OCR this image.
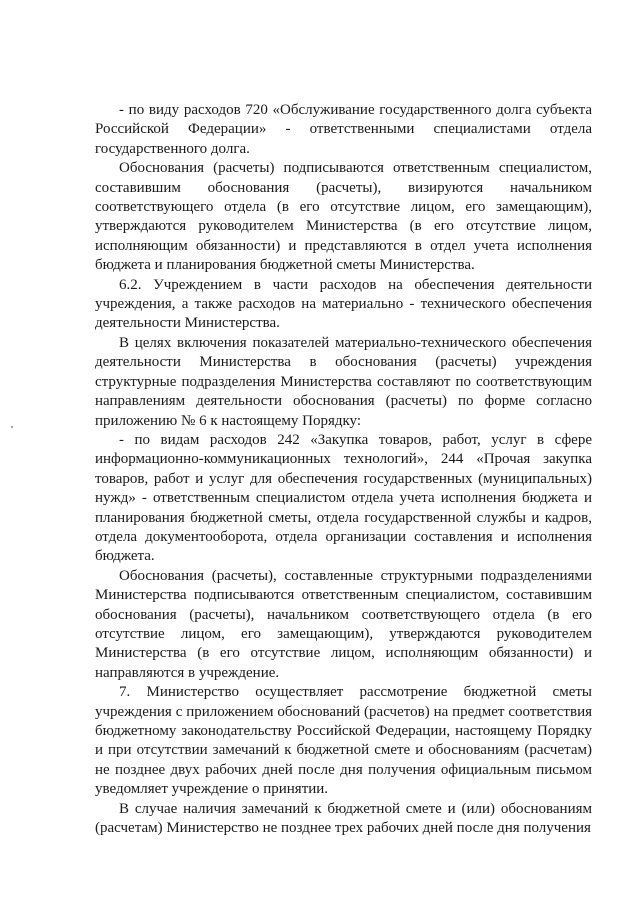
- по виду расходов 720 «Обслуживание государственного долга субъекта Российской Федерации» - ответственными специалистами отдела государственного долга.

Обоснования (расчеты) подписываются ответственным специалистом, составившим обоснования (расчеты), визируются начальником соответствующего отдела (в его отсутствие лицом, его замещающим), утверждаются руководителем Министерства (в его отсутствие лицом, исполняющим обязанности) и представляются в отдел учета исполнения бюджета и планирования бюджетной сметы Министерства.

6.2. Учреждением в части расходов на обеспечения деятельности учреждения, а также расходов на материально - технического обеспечения деятельности Министерства.

В целях включения показателей материально-технического обеспечения деятельности Министерства в обоснования (расчеты) учреждения структурные подразделения Министерства составляют по соответствующим направлениям деятельности обоснования (расчеты) по форме согласно приложению № 6 к настоящему Порядку:

- по видам расходов 242 «Закупка товаров, работ, услуг в сфере информационно-коммуникационных технологий», 244 «Прочая закупка товаров, работ и услуг для обеспечения государственных (муниципальных) нужд» - ответственным специалистом отдела учета исполнения бюджета и планирования бюджетной сметы, отдела государственной службы и кадров, отдела документооборота, отдела организации составления и исполнения бюджета.

Обоснования (расчеты), составленные структурными подразделениями Министерства подписываются ответственным специалистом, составившим обоснования (расчеты), начальником соответствующего отдела (в его отсутствие лицом, его замещающим), утверждаются руководителем Министерства (в его отсутствие лицом, исполняющим обязанности) и направляются в учреждение.

7. Министерство осуществляет рассмотрение бюджетной сметы учреждения с приложением обоснований (расчетов) на предмет соответствия бюджетному законодательству Российской Федерации, настоящему Порядку и при отсутствии замечаний к бюджетной смете и обоснованиям (расчетам) не позднее двух рабочих дней после дня получения официальным письмом уведомляет учреждение о принятии.

В случае наличия замечаний к бюджетной смете и (или) обоснованиям (расчетам) Министерство не позднее трех рабочих дней после дня получения
